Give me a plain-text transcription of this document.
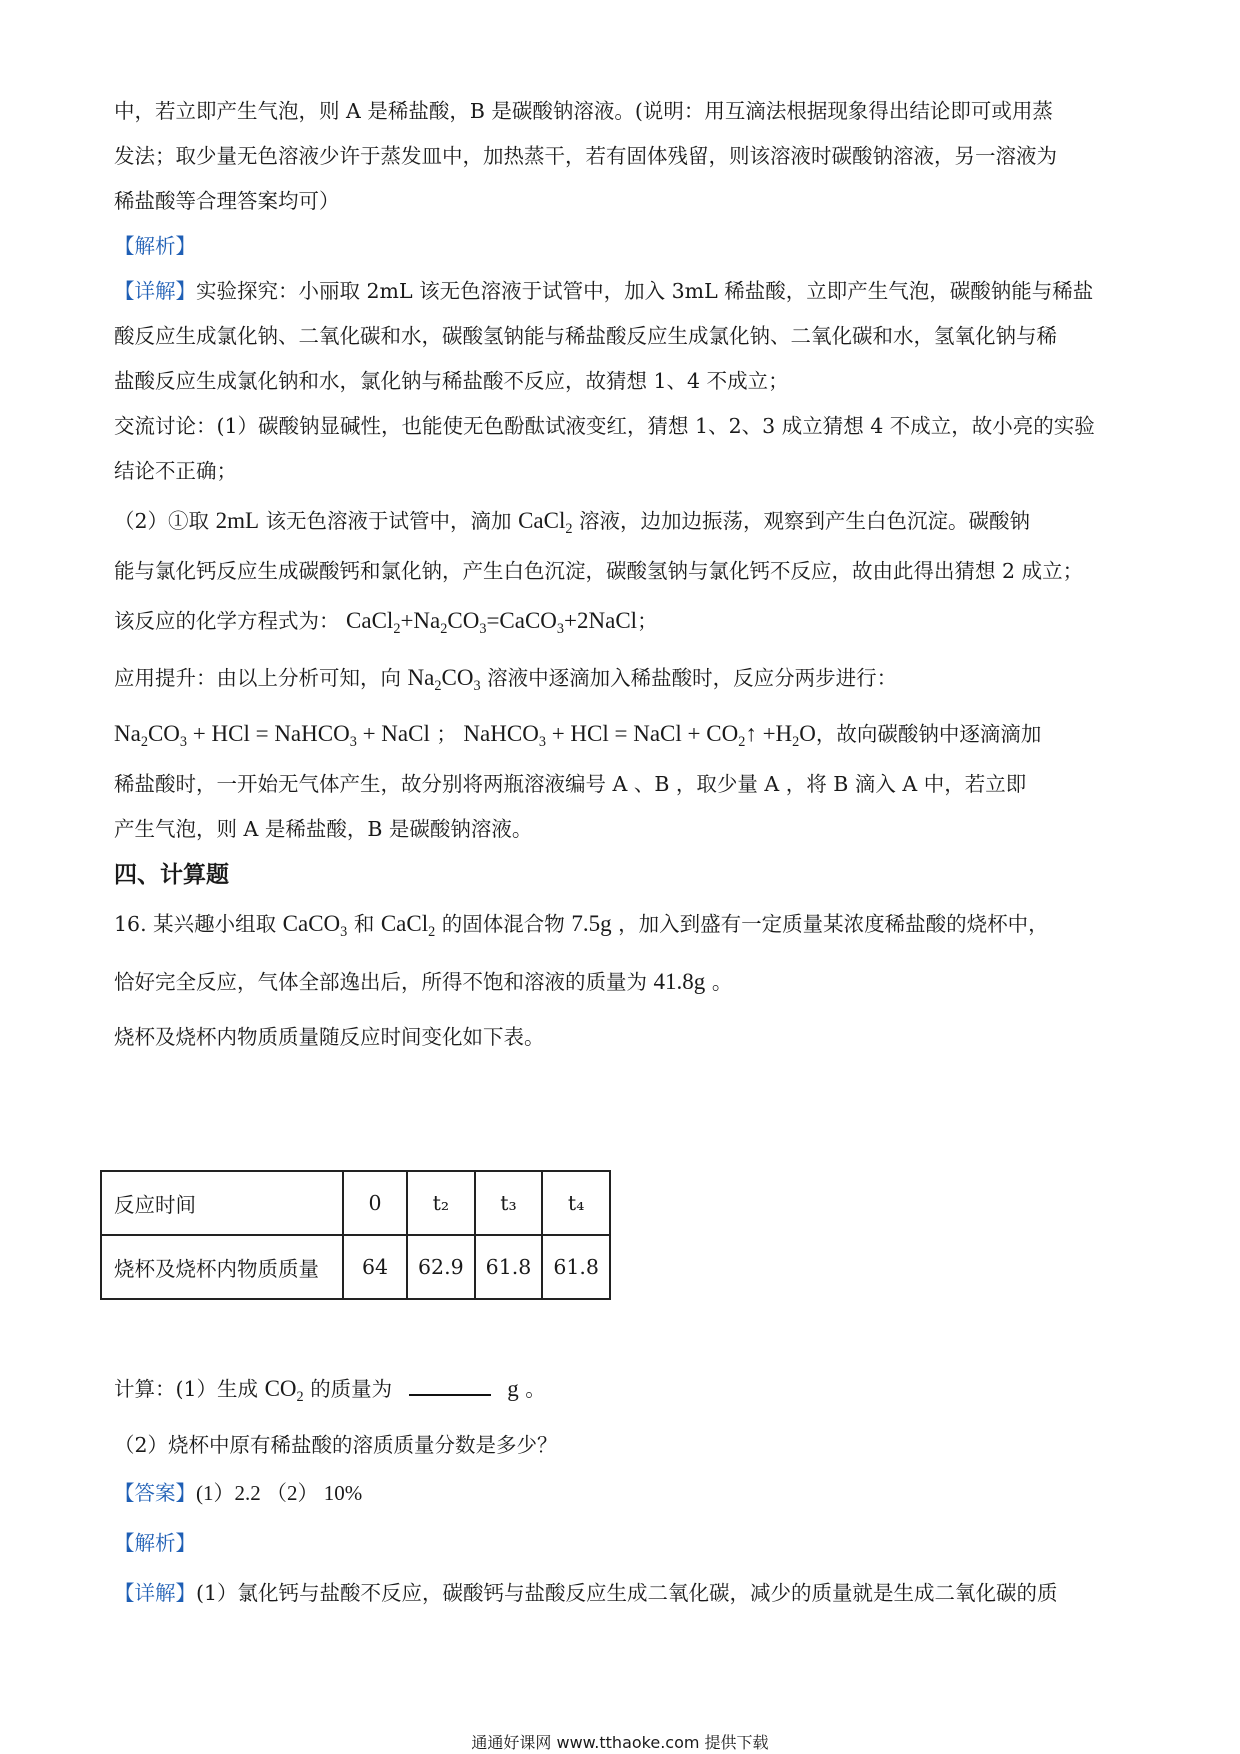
中，若立即产生气泡，则 A 是稀盐酸，B 是碳酸钠溶液。(说明：用互滴法根据现象得出结论即可或用蒸
发法；取少量无色溶液少许于蒸发皿中，加热蒸干，若有固体残留，则该溶液时碳酸钠溶液，另一溶液为
稀盐酸等合理答案均可）
【解析】
【详解】实验探究：小丽取 2mL 该无色溶液于试管中，加入 3mL 稀盐酸，立即产生气泡，碳酸钠能与稀盐
酸反应生成氯化钠、二氧化碳和水，碳酸氢钠能与稀盐酸反应生成氯化钠、二氧化碳和水，氢氧化钠与稀
盐酸反应生成氯化钠和水，氯化钠与稀盐酸不反应，故猜想 1、4 不成立；
交流讨论：(1）碳酸钠显碱性，也能使无色酚酞试液变红，猜想 1、2、3 成立猜想 4 不成立，故小亮的实验
结论不正确；
（2）①取 2mL 该无色溶液于试管中，滴加 CaCl$_2$ 溶液，边加边振荡，观察到产生白色沉淀。碳酸钠
能与氯化钙反应生成碳酸钙和氯化钠，产生白色沉淀，碳酸氢钠与氯化钙不反应，故由此得出猜想 2 成立；
该反应的化学方程式为： $CaCl_2+Na_2CO_3=CaCO_3+2NaCl$；
应用提升：由以上分析可知，向 $Na_2CO_3$ 溶液中逐滴加入稀盐酸时，反应分两步进行：
$Na_2CO_3$ + HCl = NaHCO$_3$ + NaCl ； NaHCO$_3$ + HCl = NaCl + $CO_2↑ +H_2O$，故向碳酸钠中逐滴滴加
稀盐酸时，一开始无气体产生，故分别将两瓶溶液编号 A 、B ，取少量 A ，将 B 滴入 A 中，若立即
产生气泡，则 A 是稀盐酸，B 是碳酸钠溶液。
四、计算题
16. 某兴趣小组取 CaCO$_3$ 和 CaCl$_2$ 的固体混合物 7.5g ，加入到盛有一定质量某浓度稀盐酸的烧杯中，
恰好完全反应，气体全部逸出后，所得不饱和溶液的质量为 41.8g 。
烧杯及烧杯内物质质量随反应时间变化如下表。
反应时间	0	t₂	t₃	t₄
烧杯及烧杯内物质质量	64	62.9	61.8	61.8
计算：(1）生成 $CO_2$ 的质量为	g 。
（2）烧杯中原有稀盐酸的溶质质量分数是多少？
【答案】(1）2.2 （2） 10%
【解析】
【详解】(1）氯化钙与盐酸不反应，碳酸钙与盐酸反应生成二氧化碳，减少的质量就是生成二氧化碳的质
通通好课网 www.tthaoke.com 提供下载
